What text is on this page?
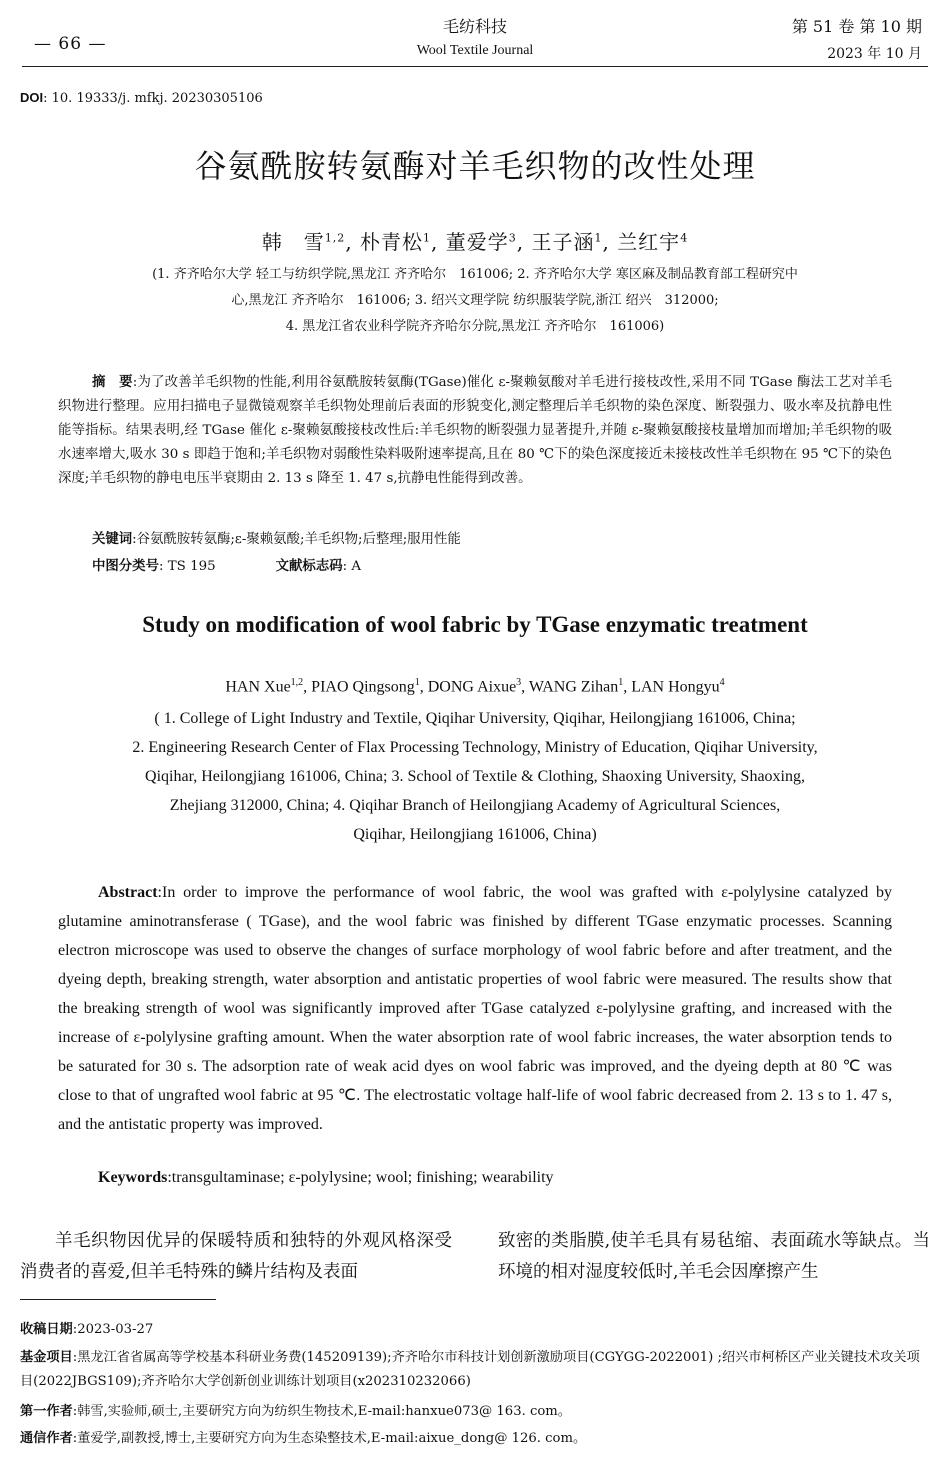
— 66 —
毛纺科技
Wool Textile Journal
第 51 卷 第 10 期
2023 年 10 月
DOI: 10. 19333/j. mfkj. 20230305106
谷氨酰胺转氨酶对羊毛织物的改性处理
韩　雪$^{1,2}$, 朴青松$^1$, 董爱学$^3$, 王子涵$^1$, 兰红宇$^4$
(1. 齐齐哈尔大学 轻工与纺织学院,黑龙江 齐齐哈尔　161006; 2. 齐齐哈尔大学 寒区麻及制品教育部工程研究中
心,黑龙江 齐齐哈尔　161006; 3. 绍兴文理学院 纺织服装学院,浙江 绍兴　312000;
4. 黑龙江省农业科学院齐齐哈尔分院,黑龙江 齐齐哈尔　161006)
摘　要:为了改善羊毛织物的性能,利用谷氨酰胺转氨酶(TGase)催化 ε-聚赖氨酸对羊毛进行接枝改性,采用不同 TGase 酶法工艺对羊毛织物进行整理。应用扫描电子显微镜观察羊毛织物处理前后表面的形貌变化,测定整理后羊毛织物的染色深度、断裂强力、吸水率及抗静电性能等指标。结果表明,经 TGase 催化 ε-聚赖氨酸接枝改性后:羊毛织物的断裂强力显著提升,并随 ε-聚赖氨酸接枝量增加而增加;羊毛织物的吸水速率增大,吸水 30 s 即趋于饱和;羊毛织物对弱酸性染料吸附速率提高,且在 80 ℃下的染色深度接近未接枝改性羊毛织物在 95 ℃下的染色深度;羊毛织物的静电电压半衰期由 2. 13 s 降至 1. 47 s,抗静电性能得到改善。
关键词:谷氨酰胺转氨酶;ε-聚赖氨酸;羊毛织物;后整理;服用性能
中图分类号: TS 195	文献标志码: A
Study on modification of wool fabric by TGase enzymatic treatment
HAN Xue$^{1,2}$, PIAO Qingsong$^1$, DONG Aixue$^3$, WANG Zihan$^1$, LAN Hongyu$^4$
( 1. College of Light Industry and Textile, Qiqihar University, Qiqihar, Heilongjiang 161006, China;
2. Engineering Research Center of Flax Processing Technology, Ministry of Education, Qiqihar University,
Qiqihar, Heilongjiang 161006, China; 3. School of Textile & Clothing, Shaoxing University, Shaoxing,
Zhejiang 312000, China; 4. Qiqihar Branch of Heilongjiang Academy of Agricultural Sciences,
Qiqihar, Heilongjiang 161006, China)
Abstract:In order to improve the performance of wool fabric, the wool was grafted with ε-polylysine catalyzed by glutamine aminotransferase ( TGase), and the wool fabric was finished by different TGase enzymatic processes. Scanning electron microscope was used to observe the changes of surface morphology of wool fabric before and after treatment, and the dyeing depth, breaking strength, water absorption and antistatic properties of wool fabric were measured. The results show that the breaking strength of wool was significantly improved after TGase catalyzed ε-polylysine grafting, and increased with the increase of ε-polylysine grafting amount. When the water absorption rate of wool fabric increases, the water absorption tends to be saturated for 30 s. The adsorption rate of weak acid dyes on wool fabric was improved, and the dyeing depth at 80 ℃ was close to that of ungrafted wool fabric at 95 ℃. The electrostatic voltage half-life of wool fabric decreased from 2. 13 s to 1. 47 s, and the antistatic property was improved.
Keywords:transgultaminase; ε-polylysine; wool; finishing; wearability
羊毛织物因优异的保暖特质和独特的外观风格深受消费者的喜爱,但羊毛特殊的鳞片结构及表面
致密的类脂膜,使羊毛具有易毡缩、表面疏水等缺点。当环境的相对湿度较低时,羊毛会因摩擦产生
收稿日期:2023-03-27
基金项目:黑龙江省省属高等学校基本科研业务费(145209139);齐齐哈尔市科技计划创新激励项目(CGYGG-2022001) ;绍兴市柯桥区产业关键技术攻关项目(2022JBGS109);齐齐哈尔大学创新创业训练计划项目(x202310232066)
第一作者:韩雪,实验师,硕士,主要研究方向为纺织生物技术,E-mail:hanxue073@ 163. com。
通信作者:董爱学,副教授,博士,主要研究方向为生态染整技术,E-mail:aixue_dong@ 126. com。
